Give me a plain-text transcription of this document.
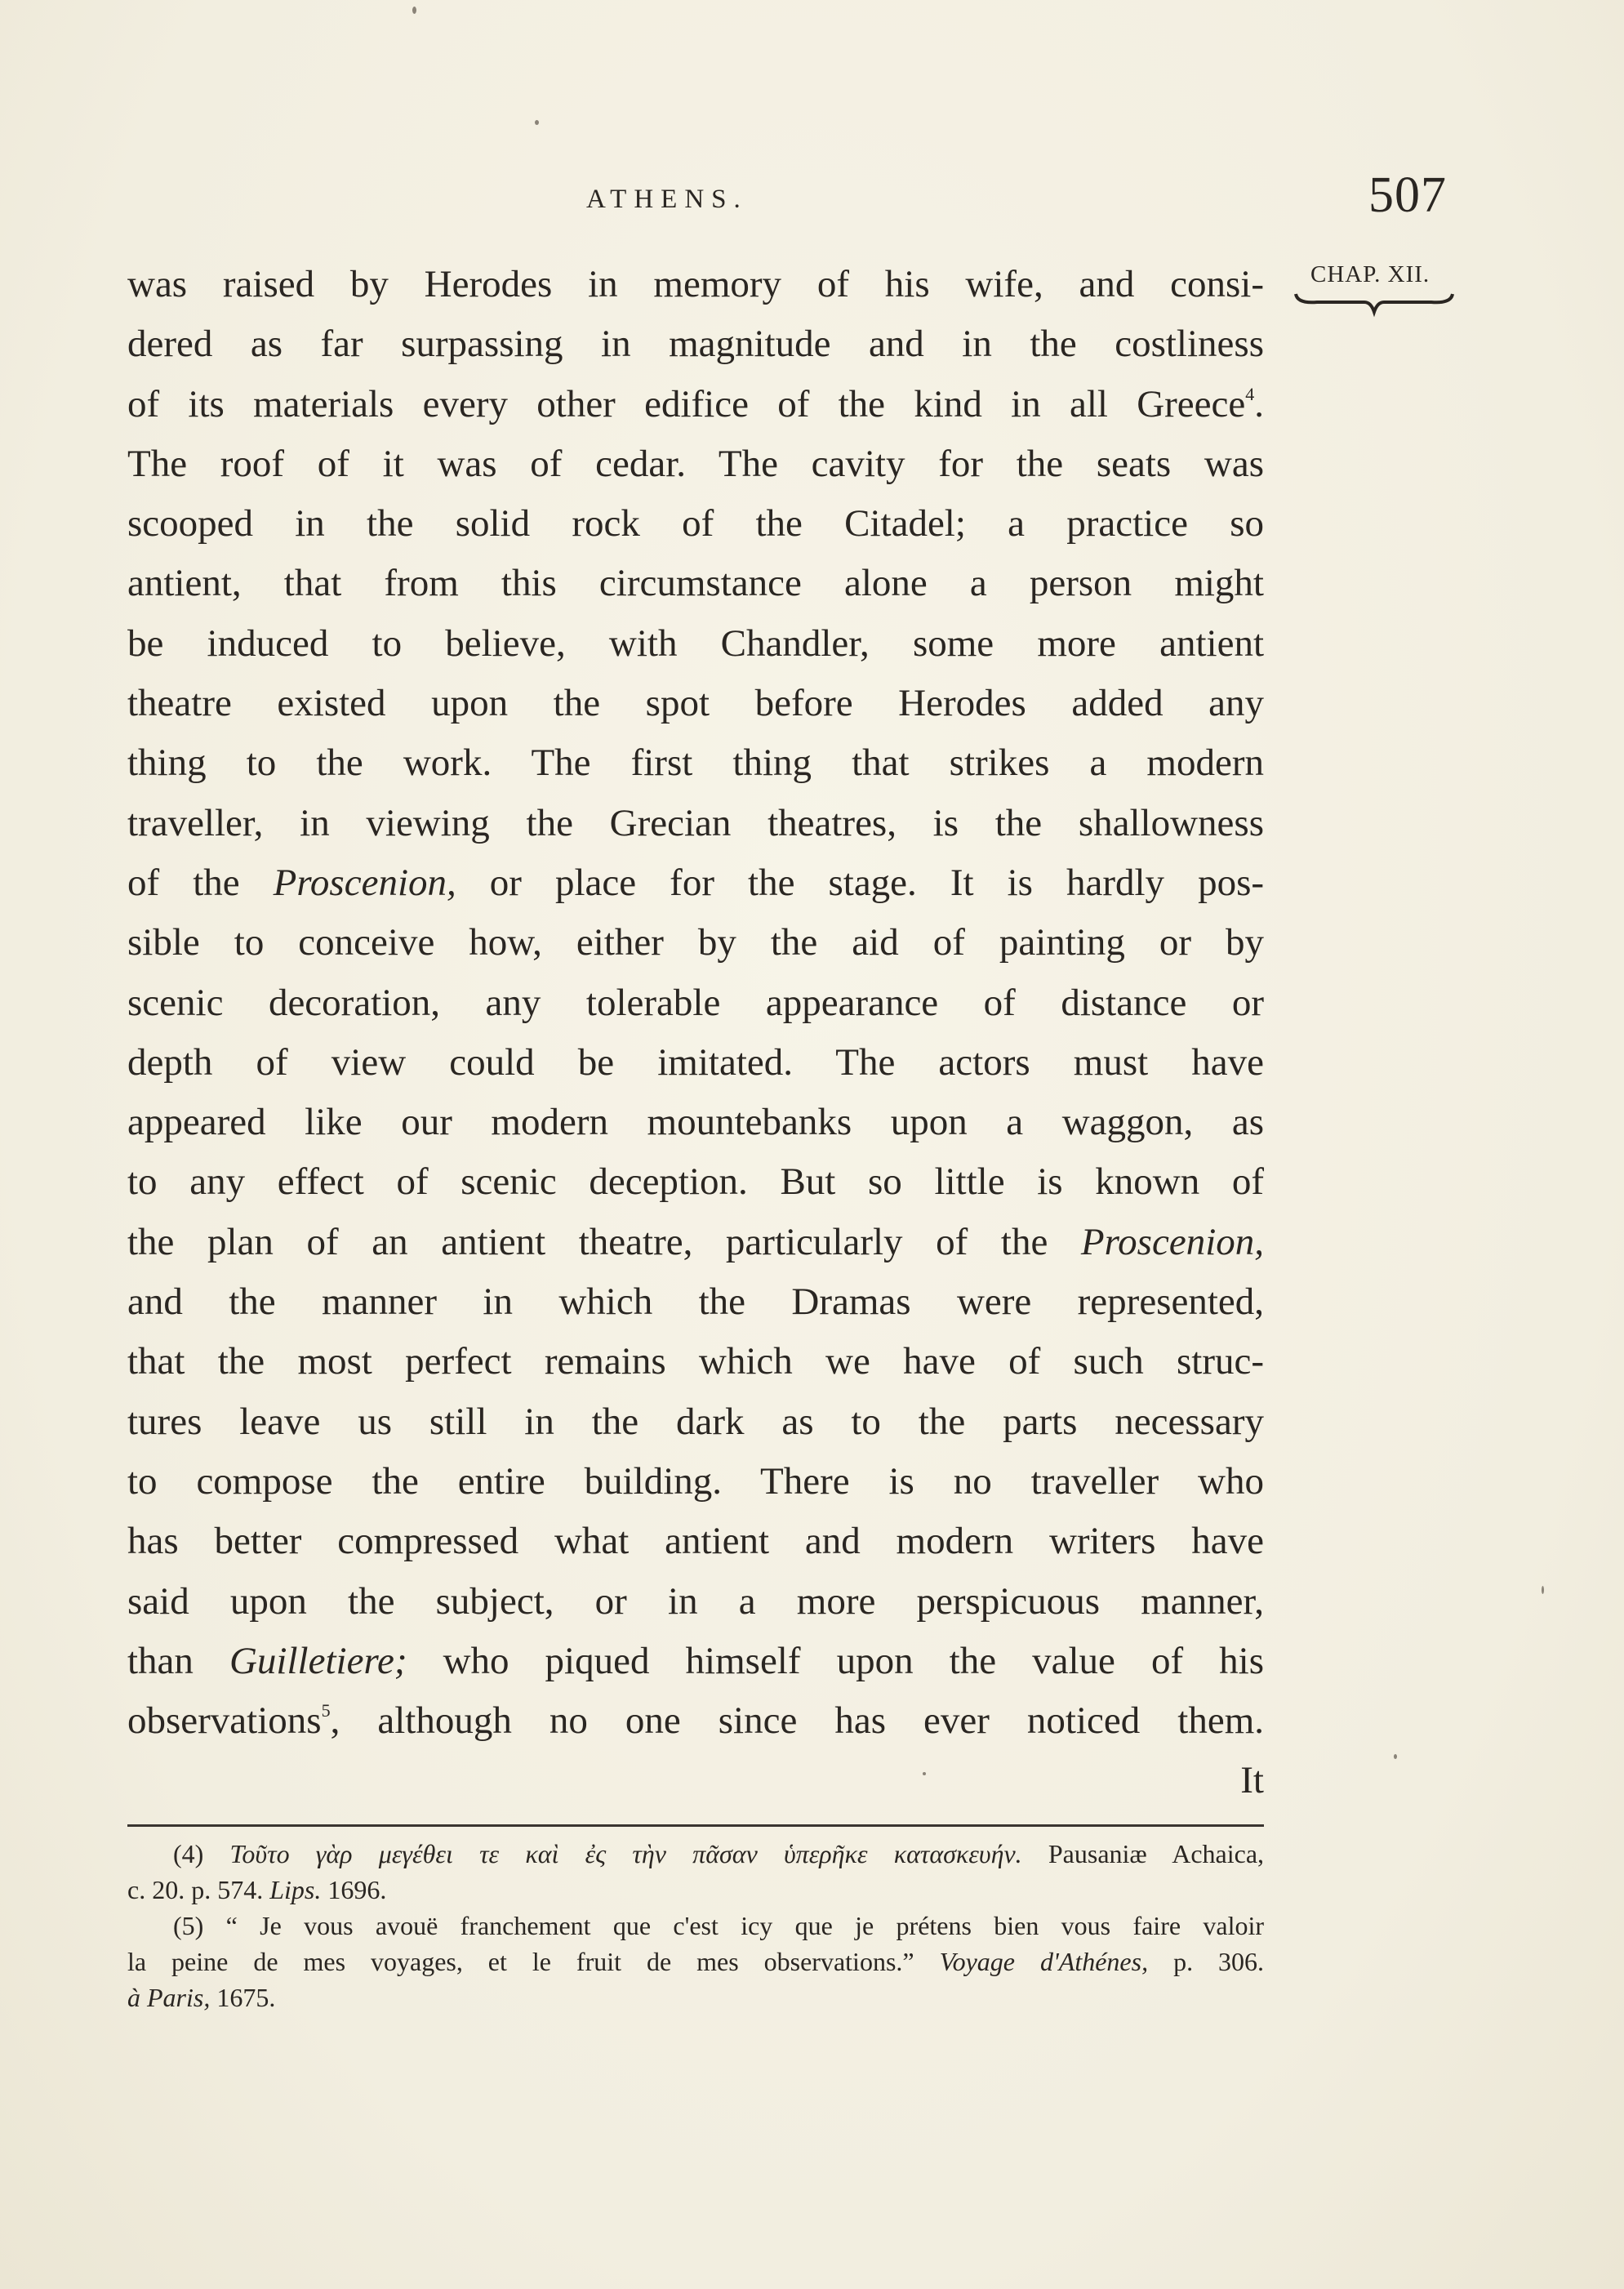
ATHENS.	507
CHAP. XII.
was raised by Herodes in memory of his wife, and consi-
dered as far surpassing in magnitude and in the costliness
of its materials every other edifice of the kind in all Greece$^4$.
The roof of it was of cedar. The cavity for the seats was
scooped in the solid rock of the Citadel; a practice so
antient, that from this circumstance alone a person might
be induced to believe, with Chandler, some more antient
theatre existed upon the spot before Herodes added any
thing to the work. The first thing that strikes a modern
traveller, in viewing the Grecian theatres, is the shallowness
of the Proscenion, or place for the stage. It is hardly pos-
sible to conceive how, either by the aid of painting or by
scenic decoration, any tolerable appearance of distance or
depth of view could be imitated. The actors must have
appeared like our modern mountebanks upon a waggon, as
to any effect of scenic deception. But so little is known of
the plan of an antient theatre, particularly of the Proscenion,
and the manner in which the Dramas were represented,
that the most perfect remains which we have of such struc-
tures leave us still in the dark as to the parts necessary
to compose the entire building. There is no traveller who
has better compressed what antient and modern writers have
said upon the subject, or in a more perspicuous manner,
than Guilletiere; who piqued himself upon the value of his
observations$^5$, although no one since has ever noticed them.
It
(4) Τοῦτο γὰρ μεγέθει τε καὶ ἐς τὴν πᾶσαν ὑπερῆκε κατασκευήν. Pausaniæ Achaica,
c. 20. p. 574. Lips. 1696.
(5) “ Je vous avouë franchement que c'est icy que je prétens bien vous faire valoir
la peine de mes voyages, et le fruit de mes observations.” Voyage d'Athénes, p. 306.
à Paris, 1675.
